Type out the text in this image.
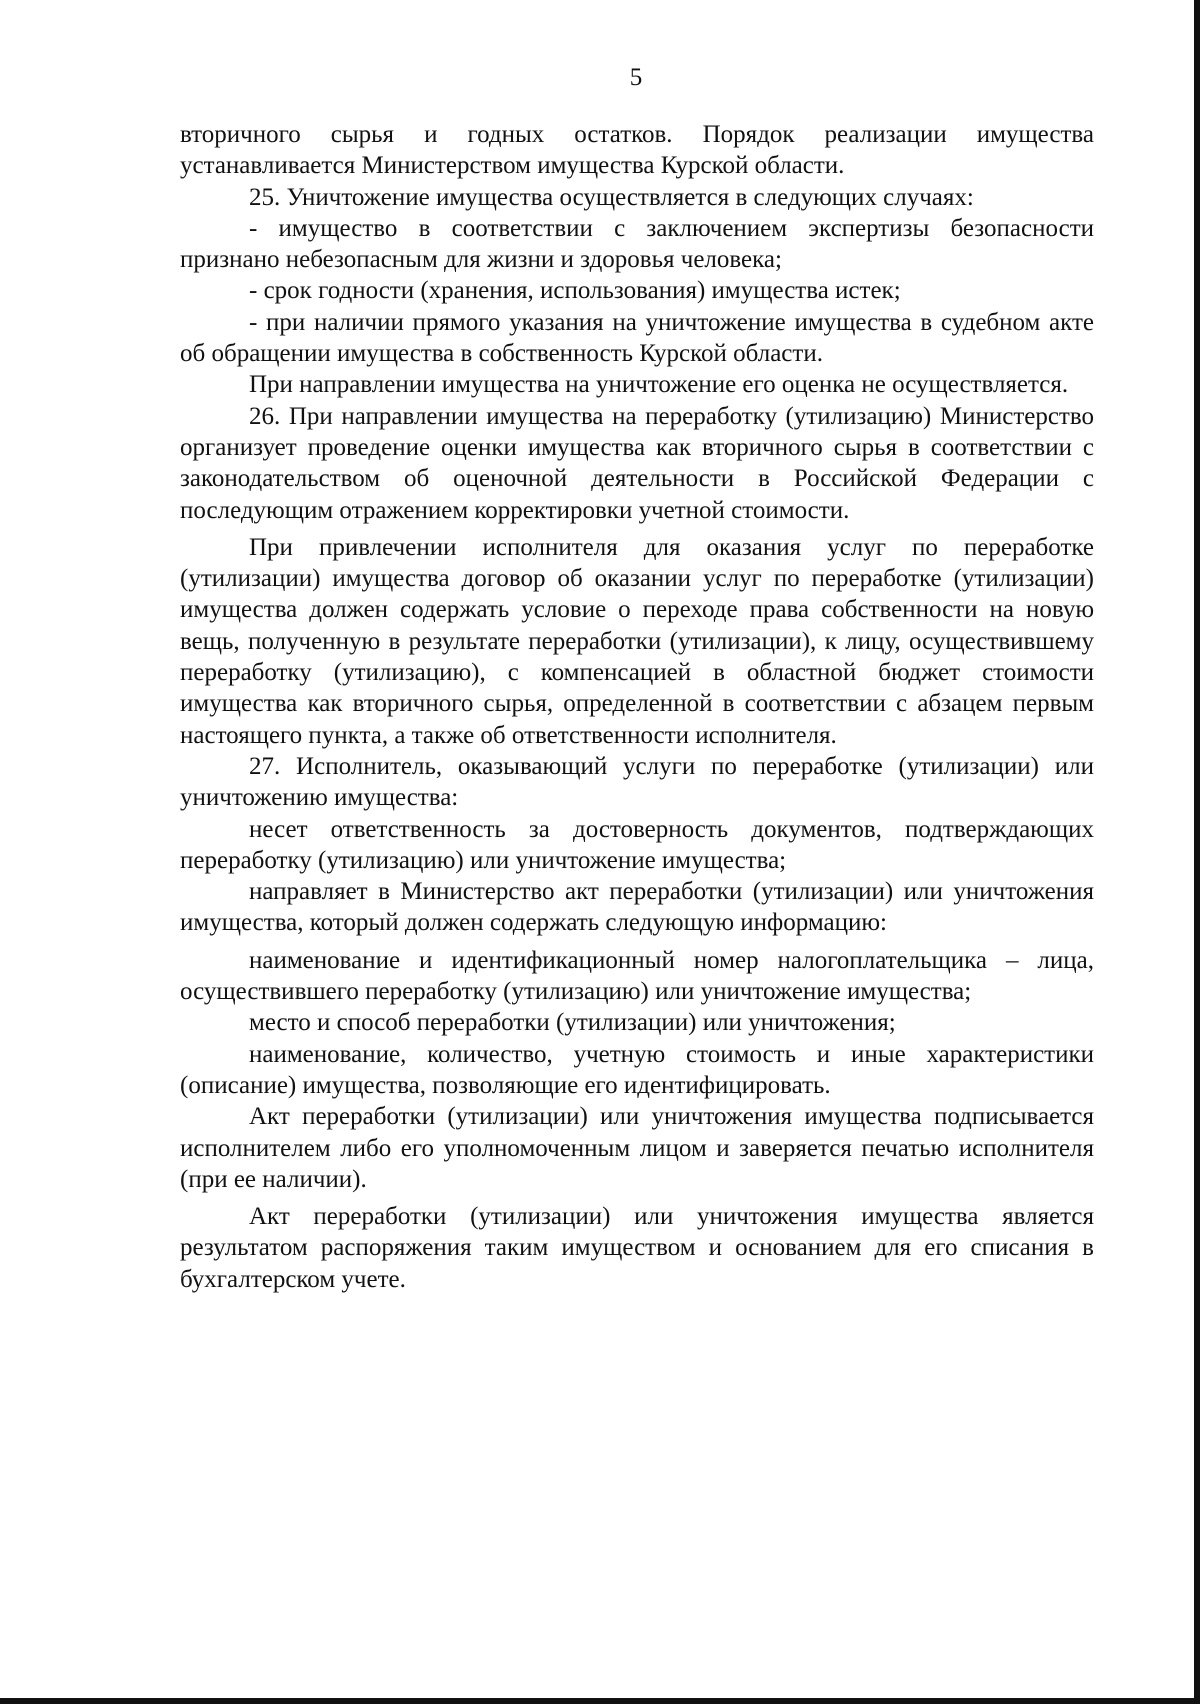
5

вторичного сырья и годных остатков. Порядок реализации имущества устанавливается Министерством имущества Курской области.

25. Уничтожение имущества осуществляется в следующих случаях:

- имущество в соответствии с заключением экспертизы безопасности признано небезопасным для жизни и здоровья человека;

- срок годности (хранения, использования) имущества истек;

- при наличии прямого указания на уничтожение имущества в судебном акте об обращении имущества в собственность Курской области.

При направлении имущества на уничтожение его оценка не осуществляется.

26. При направлении имущества на переработку (утилизацию) Министерство организует проведение оценки имущества как вторичного сырья в соответствии с законодательством об оценочной деятельности в Российской Федерации с последующим отражением корректировки учетной стоимости.

При привлечении исполнителя для оказания услуг по переработке (утилизации) имущества договор об оказании услуг по переработке (утилизации) имущества должен содержать условие о переходе права собственности на новую вещь, полученную в результате переработки (утилизации), к лицу, осуществившему переработку (утилизацию), с компенсацией в областной бюджет стоимости имущества как вторичного сырья, определенной в соответствии с абзацем первым настоящего пункта, а также об ответственности исполнителя.

27. Исполнитель, оказывающий услуги по переработке (утилизации) или уничтожению имущества:

несет ответственность за достоверность документов, подтверждающих переработку (утилизацию) или уничтожение имущества;

направляет в Министерство акт переработки (утилизации) или уничтожения имущества, который должен содержать следующую информацию:

наименование и идентификационный номер налогоплательщика – лица, осуществившего переработку (утилизацию) или уничтожение имущества;

место и способ переработки (утилизации) или уничтожения;

наименование, количество, учетную стоимость и иные характеристики (описание) имущества, позволяющие его идентифицировать.

Акт переработки (утилизации) или уничтожения имущества подписывается исполнителем либо его уполномоченным лицом и заверяется печатью исполнителя (при ее наличии).

Акт переработки (утилизации) или уничтожения имущества является результатом распоряжения таким имуществом и основанием для его списания в бухгалтерском учете.
